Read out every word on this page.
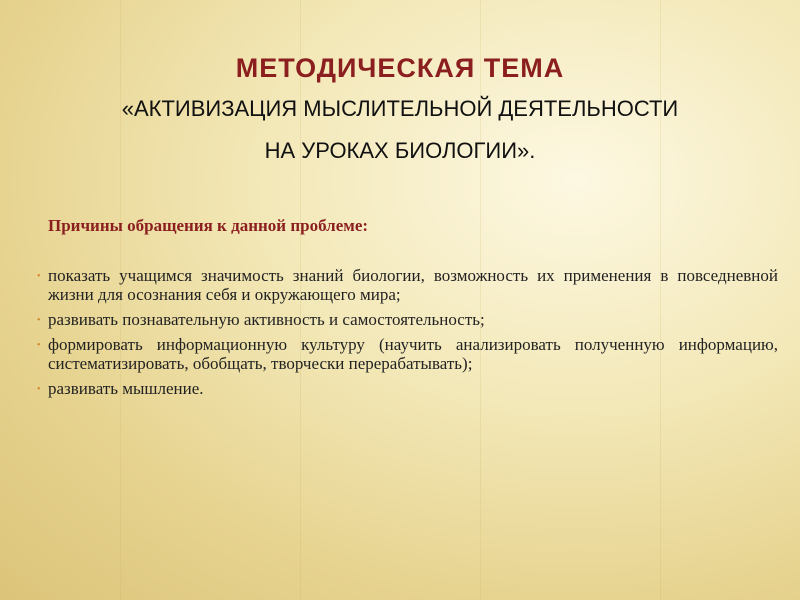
МЕТОДИЧЕСКАЯ ТЕМА

«АКТИВИЗАЦИЯ МЫСЛИТЕЛЬНОЙ ДЕЯТЕЛЬНОСТИ

НА УРОКАХ БИОЛОГИИ».

Причины обращения к данной проблеме:

• показать учащимся значимость знаний биологии, возможность их применения в повседневной жизни для осознания себя и окружающего мира;
• развивать познавательную активность и самостоятельность;
• формировать информационную культуру (научить анализировать полученную информацию, систематизировать, обобщать, творчески перерабатывать);
• развивать мышление.
